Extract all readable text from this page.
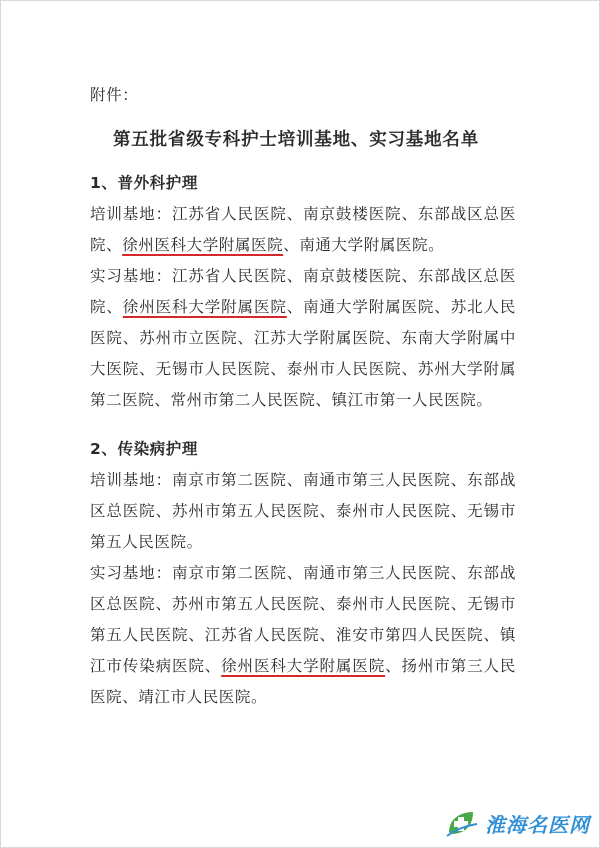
附件：
第五批省级专科护士培训基地、实习基地名单
1、普外科护理

培训基地：江苏省人民医院、南京鼓楼医院、东部战区总医院、徐州医科大学附属医院、南通大学附属医院。

实习基地：江苏省人民医院、南京鼓楼医院、东部战区总医院、徐州医科大学附属医院、南通大学附属医院、苏北人民医院、苏州市立医院、江苏大学附属医院、东南大学附属中大医院、无锡市人民医院、泰州市人民医院、苏州大学附属第二医院、常州市第二人民医院、镇江市第一人民医院。

2、传染病护理

培训基地：南京市第二医院、南通市第三人民医院、东部战区总医院、苏州市第五人民医院、泰州市人民医院、无锡市第五人民医院。

实习基地：南京市第二医院、南通市第三人民医院、东部战区总医院、苏州市第五人民医院、泰州市人民医院、无锡市第五人民医院、江苏省人民医院、淮安市第四人民医院、镇江市传染病医院、徐州医科大学附属医院、扬州市第三人民医院、靖江市人民医院。

淮海名医网
